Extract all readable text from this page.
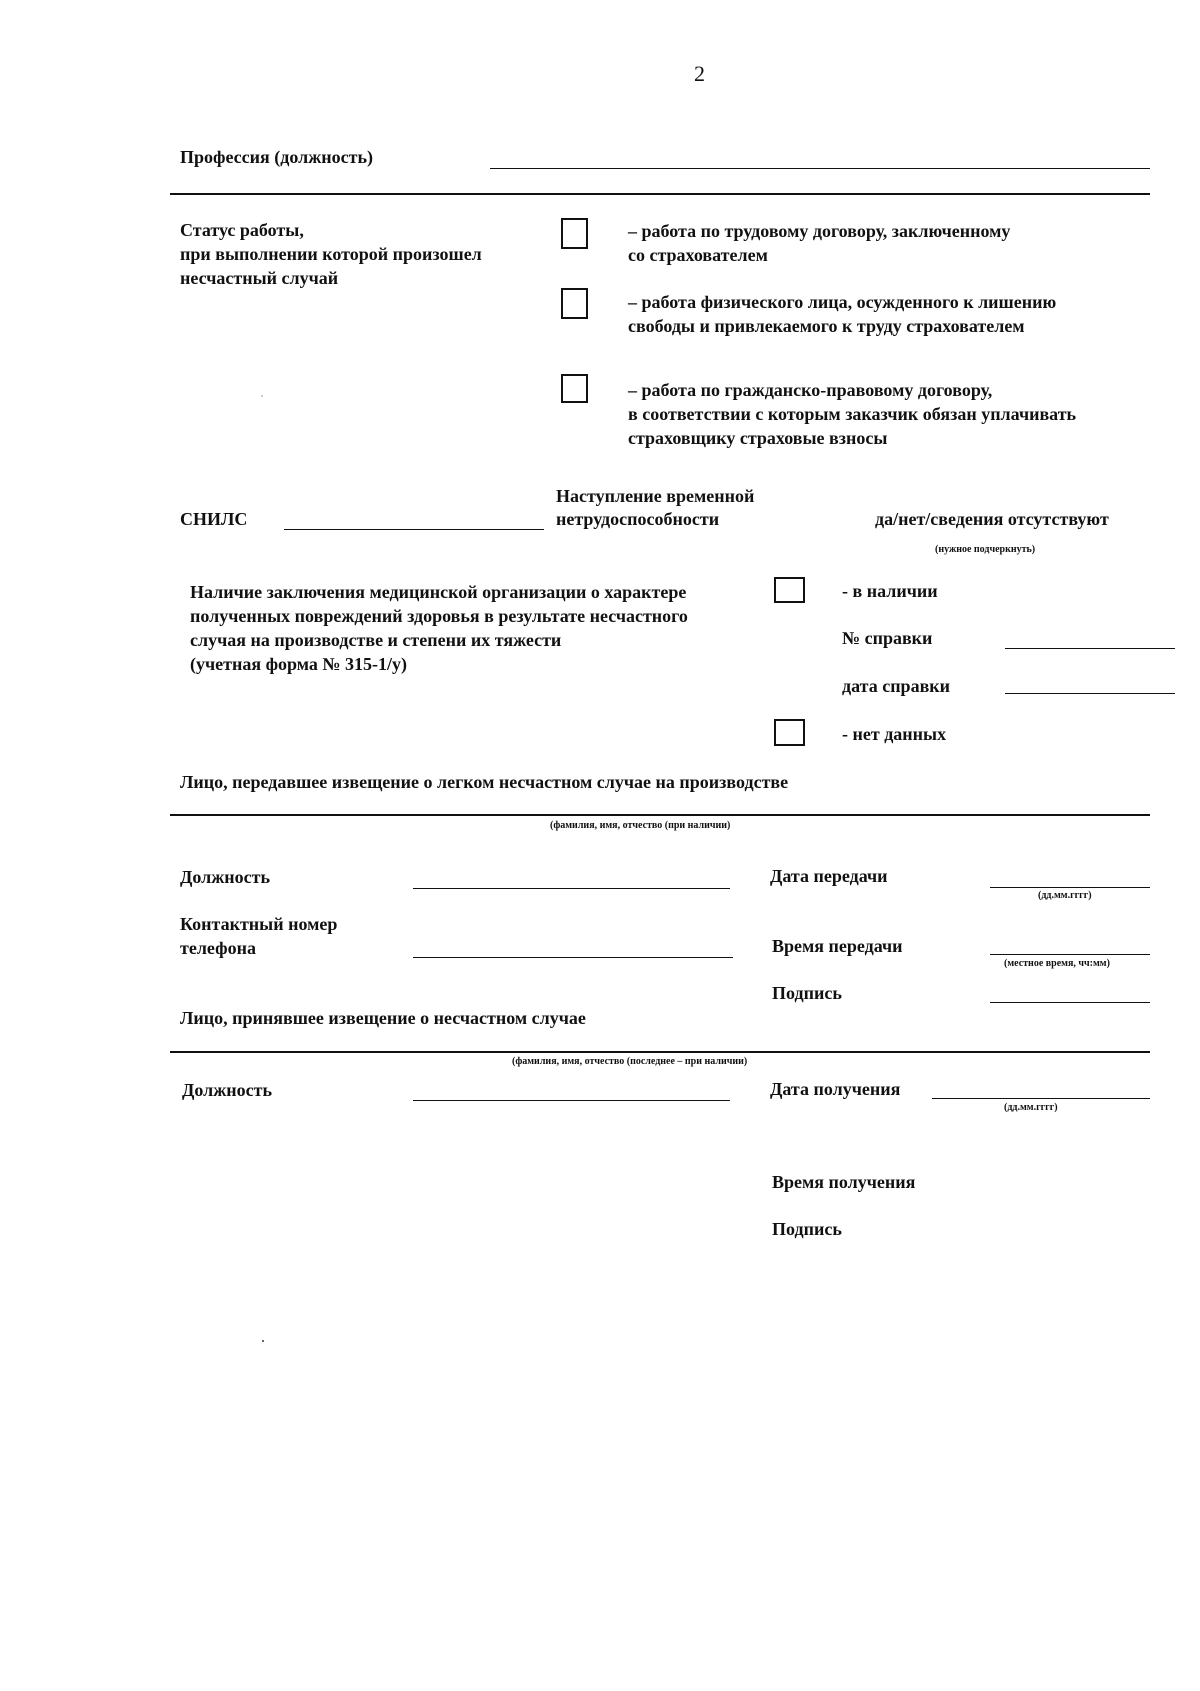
2
Профессия (должность)
Статус работы,
при выполнении которой произошел
несчастный случай
– работа по трудовому договору, заключенному
со страхователем
– работа физического лица, осужденного к лишению
свободы и привлекаемого к труду страхователем
– работа по гражданско-правовому договору,
в соответствии с которым заказчик обязан уплачивать
страховщику страховые взносы
СНИЛС
Наступление временной
нетрудоспособности	да/нет/сведения отсутствуют
(нужное подчеркнуть)
Наличие заключения медицинской организации о характере
полученных повреждений здоровья в результате несчастного
случая на производстве и степени их тяжести
(учетная форма № 315-1/у)
- в наличии
№ справки
дата справки
- нет данных
Лицо, передавшее извещение о легком несчастном случае на производстве
(фамилия, имя, отчество (при наличии)
Должность	Дата передачи
(дд.мм.гггг)
Контактный номер
телефона	Время передачи
(местное время, чч:мм)
Подпись
Лицо, принявшее извещение о несчастном случае
(фамилия, имя, отчество (последнее – при наличии)
Должность	Дата получения
(дд.мм.гггг)
Время получения
Подпись
